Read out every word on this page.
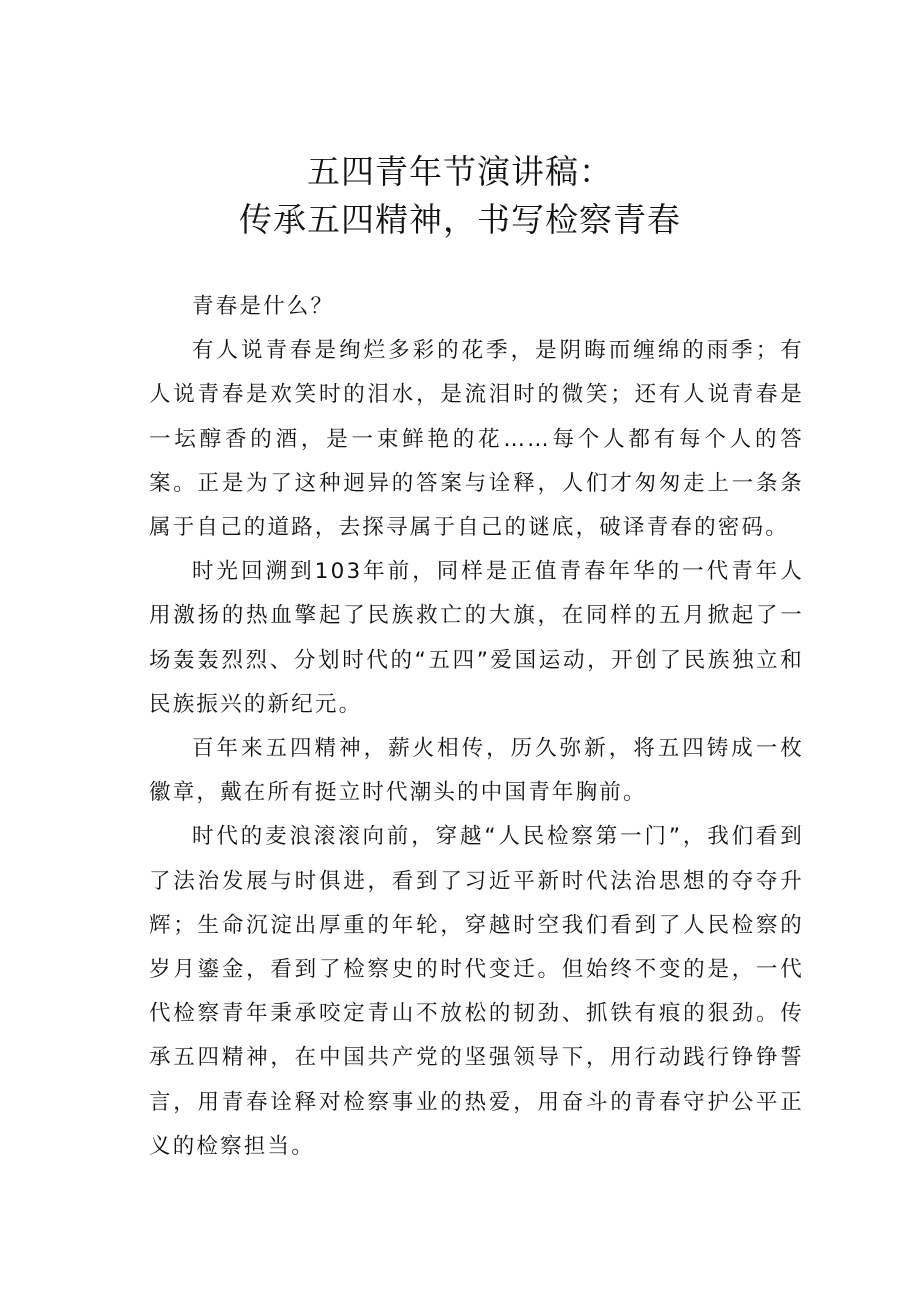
五四青年节演讲稿：
传承五四精神，书写检察青春

青春是什么？

有人说青春是绚烂多彩的花季，是阴晦而缠绵的雨季；有人说青春是欢笑时的泪水，是流泪时的微笑；还有人说青春是一坛醇香的酒，是一束鲜艳的花……每个人都有每个人的答案。正是为了这种迥异的答案与诠释，人们才匆匆走上一条条属于自己的道路，去探寻属于自己的谜底，破译青春的密码。

时光回溯到103年前，同样是正值青春年华的一代青年人用激扬的热血擎起了民族救亡的大旗，在同样的五月掀起了一场轰轰烈烈、分划时代的“五四”爱国运动，开创了民族独立和民族振兴的新纪元。

百年来五四精神，薪火相传，历久弥新，将五四铸成一枚徽章，戴在所有挺立时代潮头的中国青年胸前。

时代的麦浪滚滚向前，穿越“人民检察第一门”，我们看到了法治发展与时俱进，看到了习近平新时代法治思想的夺夺升辉；生命沉淀出厚重的年轮，穿越时空我们看到了人民检察的岁月鎏金，看到了检察史的时代变迁。但始终不变的是，一代代检察青年秉承咬定青山不放松的韧劲、抓铁有痕的狠劲。传承五四精神，在中国共产党的坚强领导下，用行动践行铮铮誓言，用青春诠释对检察事业的热爱，用奋斗的青春守护公平正义的检察担当。
